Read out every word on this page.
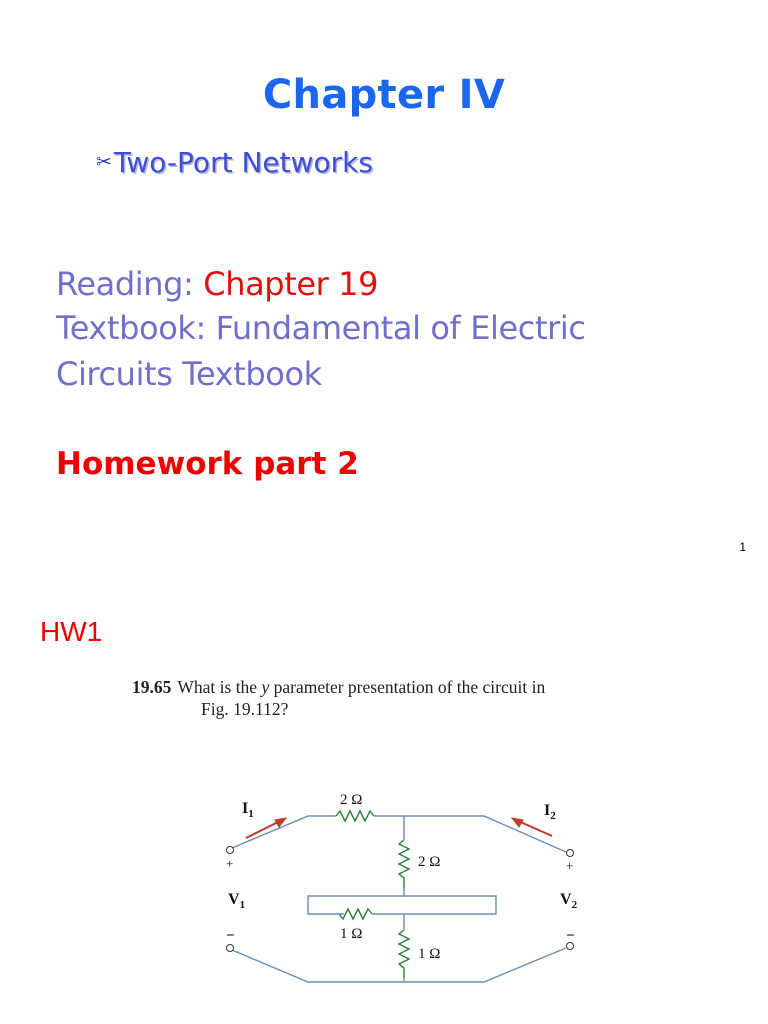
Chapter IV
✂Two-Port Networks
Reading: Chapter 19
Textbook: Fundamental of Electric
Circuits Textbook
Homework part 2
1
HW1
19.65 What is the y parameter presentation of the circuit in
Fig. 19.112?
$I_1$	$I_2$
2 Ω
2 Ω
1 Ω
1 Ω
$V_1$	$V_2$
+	+
−	−
